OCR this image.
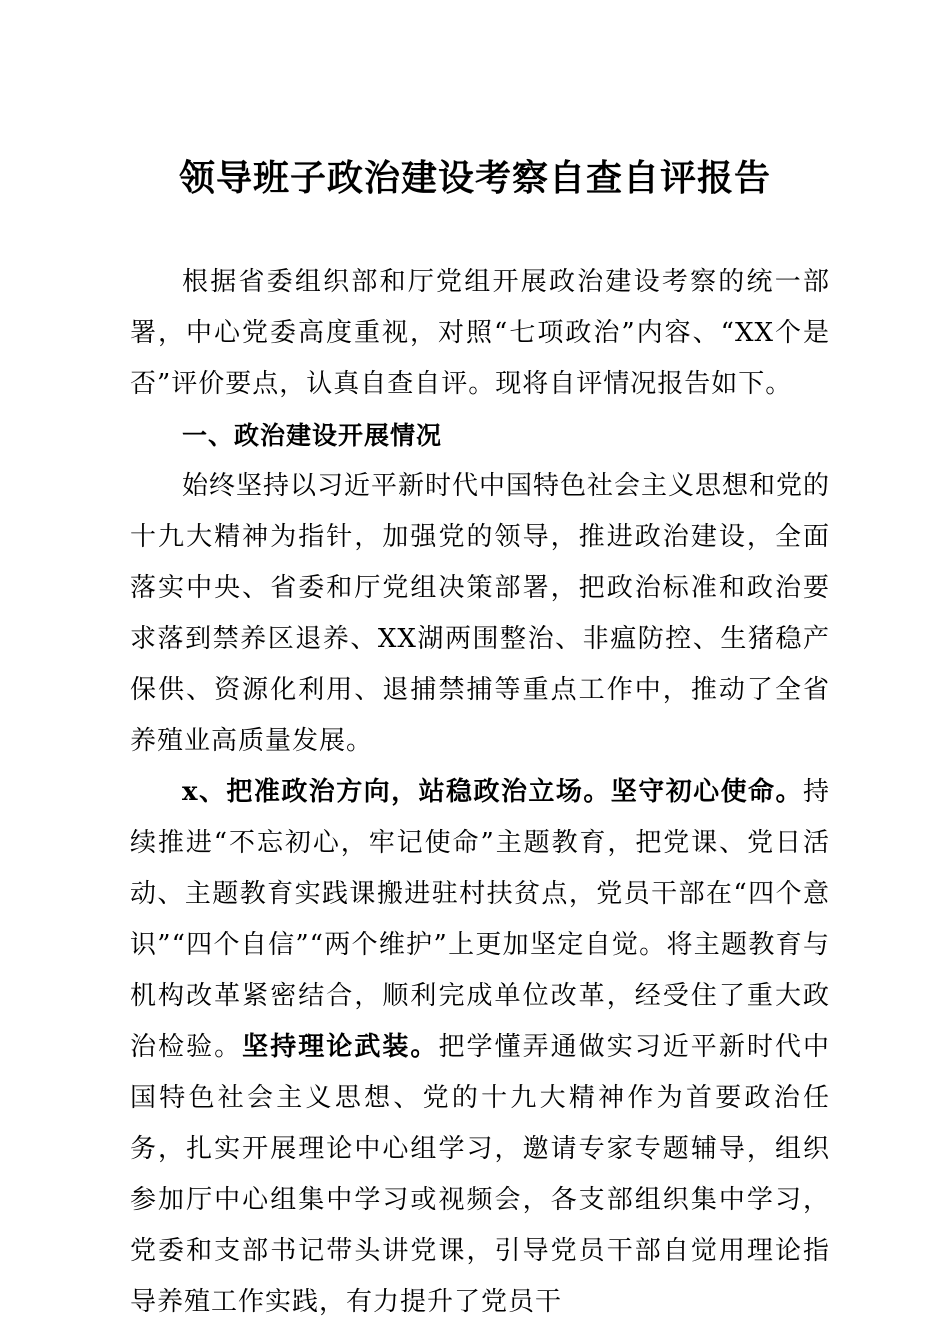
领导班子政治建设考察自查自评报告

根据省委组织部和厅党组开展政治建设考察的统一部署，中心党委高度重视，对照“七项政治”内容、“XX个是否”评价要点，认真自查自评。现将自评情况报告如下。

一、政治建设开展情况

始终坚持以习近平新时代中国特色社会主义思想和党的十九大精神为指针，加强党的领导，推进政治建设，全面落实中央、省委和厅党组决策部署，把政治标准和政治要求落到禁养区退养、XX湖两围整治、非瘟防控、生猪稳产保供、资源化利用、退捕禁捕等重点工作中，推动了全省养殖业高质量发展。

x、把准政治方向，站稳政治立场。坚守初心使命。持续推进“不忘初心，牢记使命”主题教育，把党课、党日活动、主题教育实践课搬进驻村扶贫点，党员干部在“四个意识”“四个自信”“两个维护”上更加坚定自觉。将主题教育与机构改革紧密结合，顺利完成单位改革，经受住了重大政治检验。坚持理论武装。把学懂弄通做实习近平新时代中国特色社会主义思想、党的十九大精神作为首要政治任务，扎实开展理论中心组学习，邀请专家专题辅导，组织参加厅中心组集中学习或视频会，各支部组织集中学习，党委和支部书记带头讲党课，引导党员干部自觉用理论指导养殖工作实践，有力提升了党员干
